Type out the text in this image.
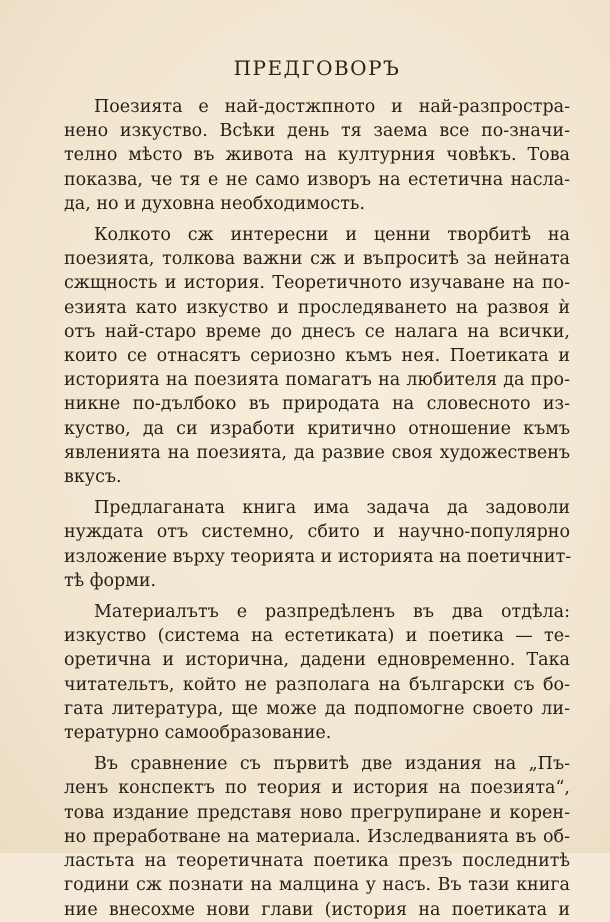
ПРЕДГОВОРЪ
Поезията е най-достжпното и най-разпростра-
нено изкуство. Всѣки день тя заема все по-значи-
телно мѣсто въ живота на културния човѣкъ. Това
показва, че тя е не само изворъ на естетична насла-
да, но и духовна необходимость.
Колкото сж интересни и ценни творбитѣ на
поезията, толкова важни сж и въпроситѣ за нейната
сжщность и история. Теоретичното изучаване на по-
езията като изкуство и проследяването на развоя ѝ
отъ най-старо време до днесъ се налага на всички,
които се отнасятъ сериозно къмъ нея. Поетиката и
историята на поезията помагатъ на любителя да про-
никне по-дълбоко въ природата на словесното из-
куство, да си изработи критично отношение къмъ
явленията на поезията, да развие своя художественъ
вкусъ.
Предлаганата книга има задача да задоволи
нуждата отъ системно, сбито и научно-популярно
изложение върху теорията и историята на поетичнит-
тѣ форми.
Материалътъ е разпредѣленъ въ два отдѣла:
изкуство (система на естетиката) и поетика — те-
оретична и исторична, дадени едновременно. Така
читательтъ, който не разполага на български съ бо-
гата литература, ще може да подпомогне своето ли-
тературно самообразование.
Въ сравнение съ първитѣ две издания на „Пъ-
ленъ конспектъ по теория и история на поезията“,
това издание представя ново прегрупиране и корен-
но преработване на материала. Изследванията въ об-
ластьта на теоретичната поетика презъ последнитѣ
години сж познати на малцина у насъ. Въ тази книга
ние внесохме нови глави (история на поетиката и
